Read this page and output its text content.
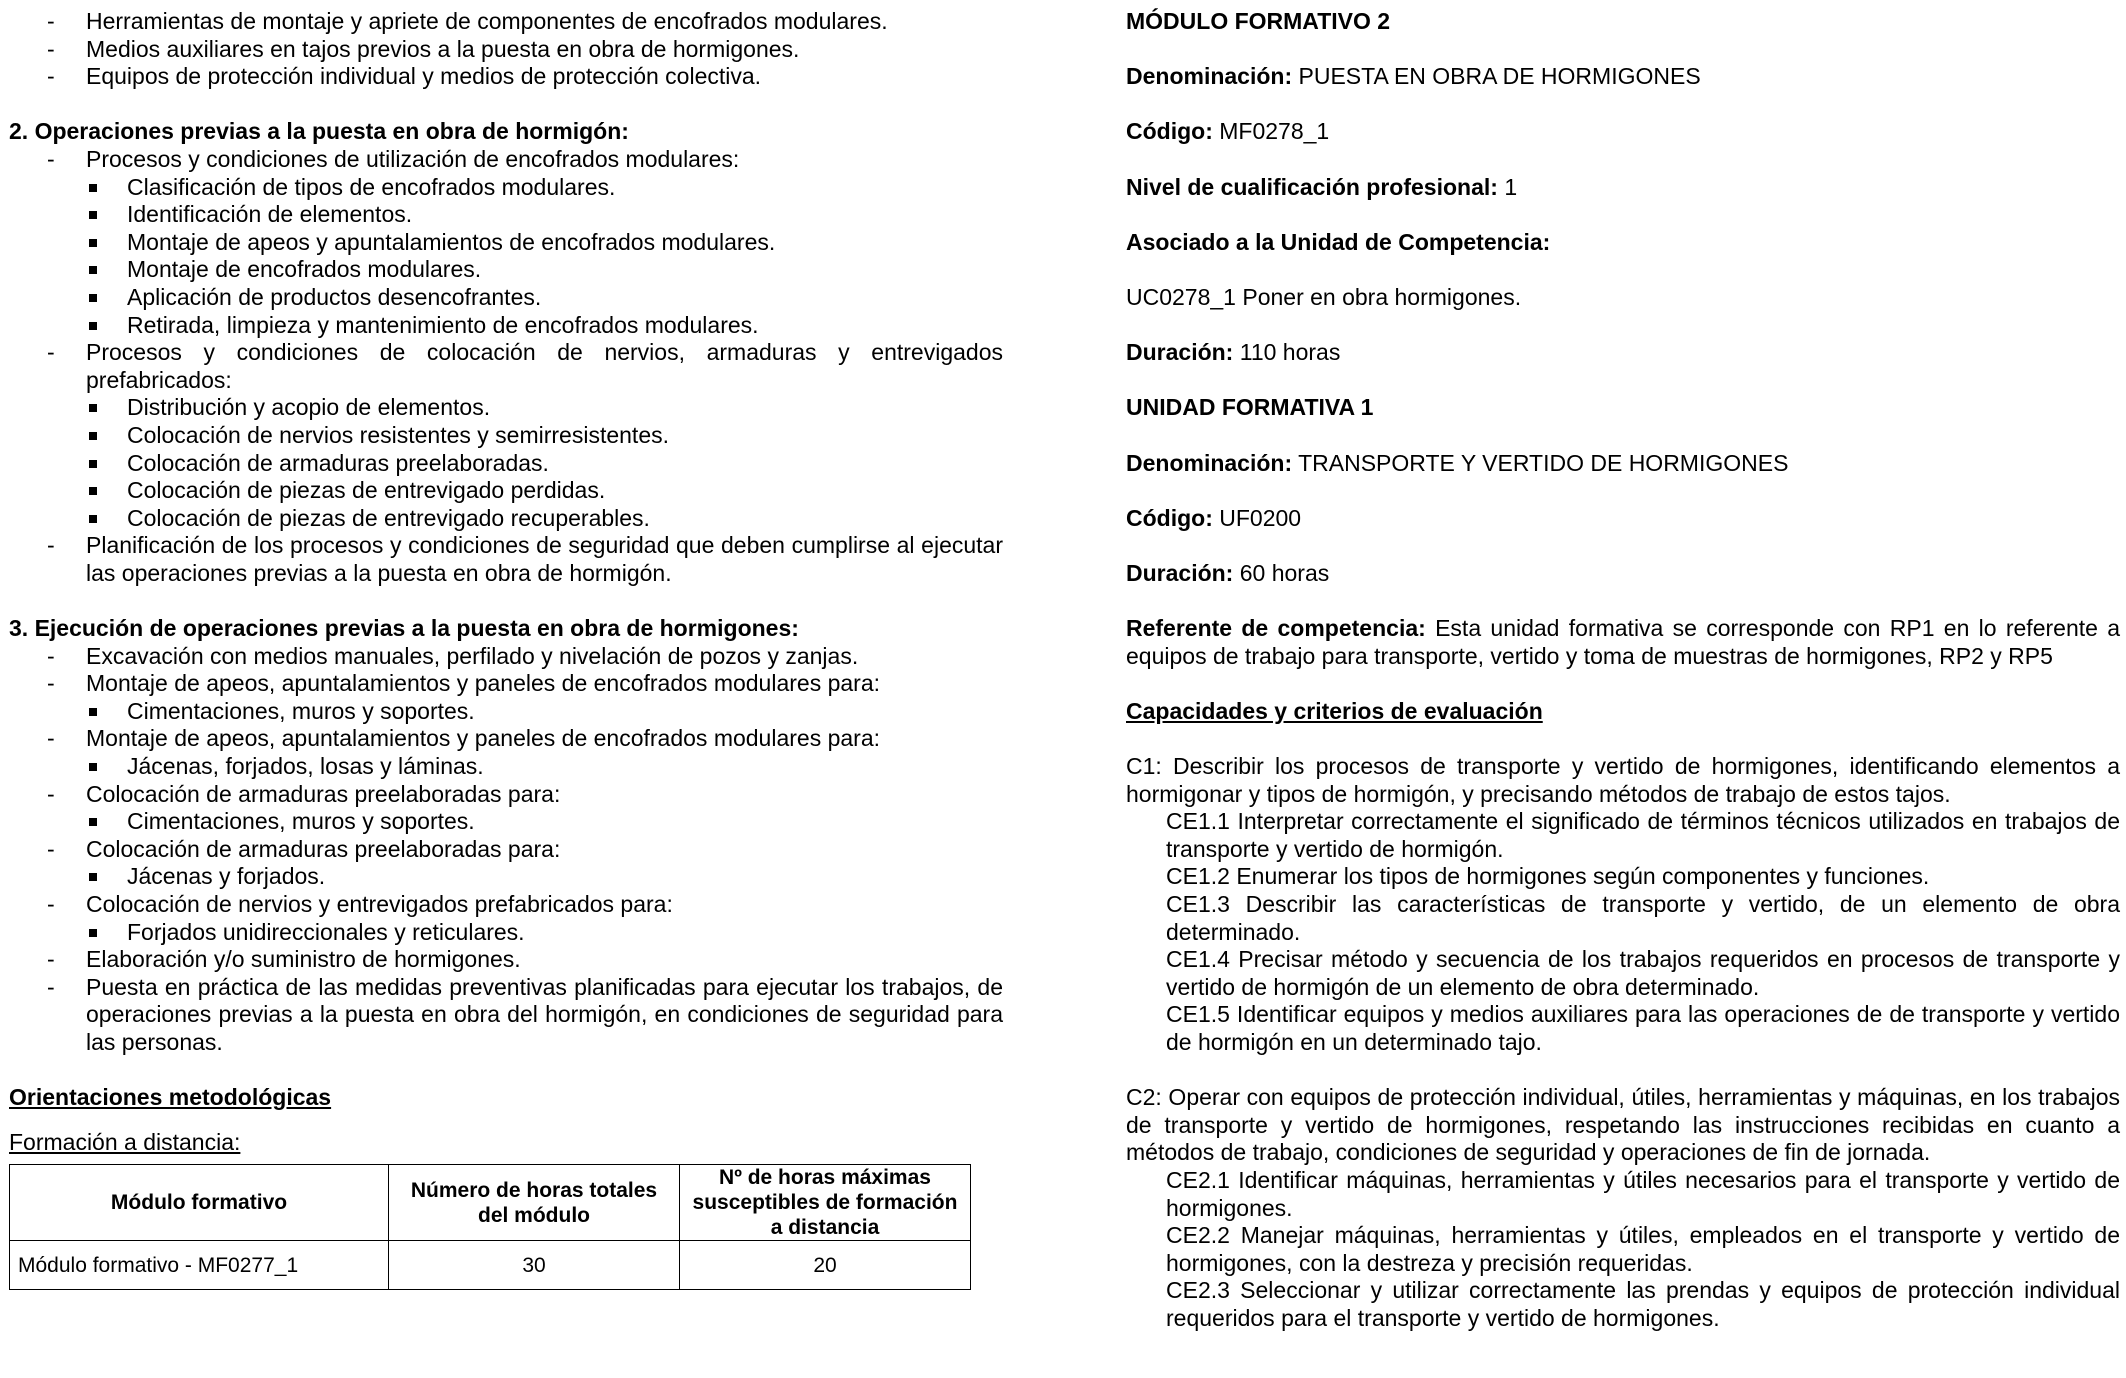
- Herramientas de montaje y apriete de componentes de encofrados modulares.

- Medios auxiliares en tajos previos a la puesta en obra de hormigones.

- Equipos de protección individual y medios de protección colectiva.

2. Operaciones previas a la puesta en obra de hormigón:

- Procesos y condiciones de utilización de encofrados modulares:

Clasificación de tipos de encofrados modulares.

Identificación de elementos.

Montaje de apeos y apuntalamientos de encofrados modulares.

Montaje de encofrados modulares.

Aplicación de productos desencofrantes.

Retirada, limpieza y mantenimiento de encofrados modulares.

- Procesos y condiciones de colocación de nervios, armaduras y entrevigados prefabricados:

Distribución y acopio de elementos.

Colocación de nervios resistentes y semirresistentes.

Colocación de armaduras preelaboradas.

Colocación de piezas de entrevigado perdidas.

Colocación de piezas de entrevigado recuperables.

- Planificación de los procesos y condiciones de seguridad que deben cumplirse al ejecutar las operaciones previas a la puesta en obra de hormigón.

3. Ejecución de operaciones previas a la puesta en obra de hormigones:

- Excavación con medios manuales, perfilado y nivelación de pozos y zanjas.

- Montaje de apeos, apuntalamientos y paneles de encofrados modulares para:

Cimentaciones, muros y soportes.

- Montaje de apeos, apuntalamientos y paneles de encofrados modulares para:

Jácenas, forjados, losas y láminas.

- Colocación de armaduras preelaboradas para:

Cimentaciones, muros y soportes.

- Colocación de armaduras preelaboradas para:

Jácenas y forjados.

- Colocación de nervios y entrevigados prefabricados para:

Forjados unidireccionales y reticulares.

- Elaboración y/o suministro de hormigones.

- Puesta en práctica de las medidas preventivas planificadas para ejecutar los trabajos, de operaciones previas a la puesta en obra del hormigón, en condiciones de seguridad para las personas.

Orientaciones metodológicas

Formación a distancia:

Módulo formativo	Número de horas totales del módulo	Nº de horas máximas susceptibles de formación a distancia
Módulo formativo - MF0277_1	30	20

MÓDULO FORMATIVO 2

Denominación: PUESTA EN OBRA DE HORMIGONES

Código: MF0278_1

Nivel de cualificación profesional: 1

Asociado a la Unidad de Competencia:

UC0278_1 Poner en obra hormigones.

Duración: 110 horas

UNIDAD FORMATIVA 1

Denominación: TRANSPORTE Y VERTIDO DE HORMIGONES

Código: UF0200

Duración: 60 horas

Referente de competencia: Esta unidad formativa se corresponde con RP1 en lo referente a equipos de trabajo para transporte, vertido y toma de muestras de hormigones, RP2 y RP5

Capacidades y criterios de evaluación

C1: Describir los procesos de transporte y vertido de hormigones, identificando elementos a hormigonar y tipos de hormigón, y precisando métodos de trabajo de estos tajos.

CE1.1 Interpretar correctamente el significado de términos técnicos utilizados en trabajos de transporte y vertido de hormigón.

CE1.2 Enumerar los tipos de hormigones según componentes y funciones.

CE1.3 Describir las características de transporte y vertido, de un elemento de obra determinado.

CE1.4 Precisar método y secuencia de los trabajos requeridos en procesos de transporte y vertido de hormigón de un elemento de obra determinado.

CE1.5 Identificar equipos y medios auxiliares para las operaciones de de transporte y vertido de hormigón en un determinado tajo.

C2: Operar con equipos de protección individual, útiles, herramientas y máquinas, en los trabajos de transporte y vertido de hormigones, respetando las instrucciones recibidas en cuanto a métodos de trabajo, condiciones de seguridad y operaciones de fin de jornada.

CE2.1 Identificar máquinas, herramientas y útiles necesarios para el transporte y vertido de hormigones.

CE2.2 Manejar máquinas, herramientas y útiles, empleados en el transporte y vertido de hormigones, con la destreza y precisión requeridas.

CE2.3 Seleccionar y utilizar correctamente las prendas y equipos de protección individual requeridos para el transporte y vertido de hormigones.
